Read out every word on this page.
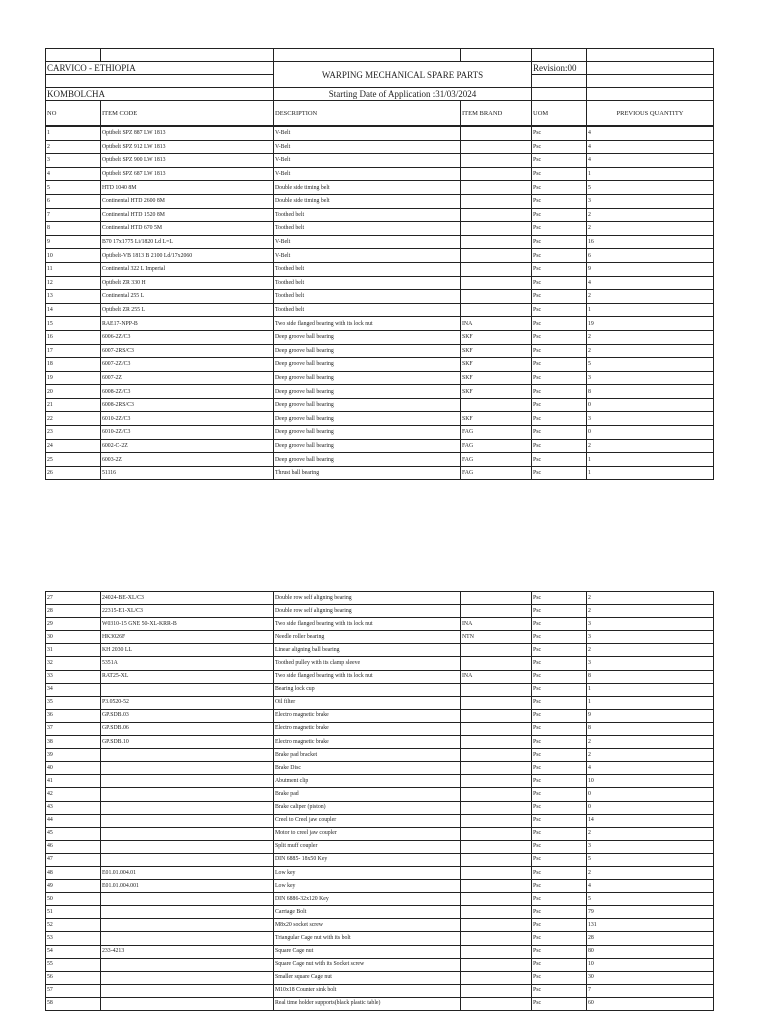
CARVICO - ETHIOPIA		WARPING MECHANICAL SPARE PARTS		Revision:00	

KOMBOLCHA		Starting Date of Application :31/03/2024			
NO	ITEM CODE	DESCRIPTION	ITEM BRAND	UOM	PREVIOUS QUANTITY
1	Optibelt SPZ 887 LW 1813	V-Belt		Psc	4
2	Optibelt SPZ 912 LW 1813	V-Belt		Psc	4
3	Optibelt SPZ 900 LW 1813	V-Belt		Psc	4
4	Optibelt SPZ 687 LW 1813	V-Belt		Psc	1
5	HTD 1040 8M	Double side timing belt		Psc	5
6	Continental HTD 2600 8M	Double side timing belt		Psc	3
7	Continental HTD 1520 8M	Toothed belt		Psc	2
8	Continental HTD 670 5M	Toothed belt		Psc	2
9	B70 17x1775 Li/1820 Ld L=L	V-Belt		Psc	16
10	Optibelt-VB 1813 B 2100 Ld/17x2060	V-Belt		Psc	6
11	Continental 322 L Imperial	Toothed belt		Psc	9
12	Optibelt ZR 330 H	Toothed belt		Psc	4
13	Continental 255 L	Toothed belt		Psc	2
14	Optibelt ZR 255 L	Toothed belt		Psc	1
15	RAE17-NPP-B	Two side flanged bearing with its lock nut	INA	Psc	19
16	6006-2Z/C3	Deep groove ball bearing	SKF	Psc	2
17	6007-2RS/C3	Deep groove ball bearing	SKF	Psc	2
18	6007-2Z/C3	Deep groove ball bearing	SKF	Psc	5
19	6007-2Z	Deep groove ball bearing	SKF	Psc	3
20	6008-2Z/C3	Deep groove ball bearing	SKF	Psc	8
21	6008-2RS/C3	Deep groove ball bearing		Psc	0
22	6010-2Z/C3	Deep groove ball bearing	SKF	Psc	3
23	6010-2Z/C3	Deep groove ball bearing	FAG	Psc	0
24	6002-C-2Z	Deep groove ball bearing	FAG	Psc	2
25	6003-2Z	Deep groove ball bearing	FAG	Psc	1
26	51116	Thrust ball bearing	FAG	Psc	1
27	24024-BE-XL/C3	Double row self aligning bearing		Psc	2
28	22315-E1-XL/C3	Double row self aligning bearing		Psc	2
29	W0310-15 GNE 50-XL-KRR-B	Two side flanged bearing with its lock nut	INA	Psc	3
30	HK3026F	Needle roller bearing	NTN	Psc	3
31	KH 2030 LL	Linear aligning ball bearing		Psc	2
32	5351A	Toothed pulley with its clamp sleeve		Psc	3
33	RAT25-XL	Two side flanged bearing with its lock nut	INA	Psc	8
34		Bearing lock cup		Psc	1
35	P3.0520-52	Oil filter		Psc	1
36	GP.SDB.03	Electro magnetic brake		Psc	9
37	GP.SDB.06	Electro magnetic brake		Psc	8
38	GP.SDB.10	Electro magnetic brake		Psc	2
39		Brake pad bracket		Psc	2
40		Brake Disc		Psc	4
41		Abutment clip		Psc	10
42		Brake pad		Psc	0
43		Brake caliper (piston)		Psc	0
44		Creel to Creel jaw coupler		Psc	14
45		Motor to creel jaw coupler		Psc	2
46		Split muff coupler		Psc	3
47		DIN 6885- 18x50 Key		Psc	5
48	E01.01.004.01	Low key		Psc	2
49	E01.01.004.001	Low key		Psc	4
50		DIN 6886-32x120 Key		Psc	5
51		Carriage Bolt		Psc	79
52		M8x20 socket screw		Psc	131
53		Triangular Cage nut with its bolt		Psc	28
54	233-4213	Square Cage nut		Psc	80
55		Square Cage nut with its Socket screw		Psc	10
56		Smaller square Cage nut		Psc	30
57		M10x18 Counter sink bolt		Psc	7
58		Real time holder supports(black plastic table)		Psc	60
